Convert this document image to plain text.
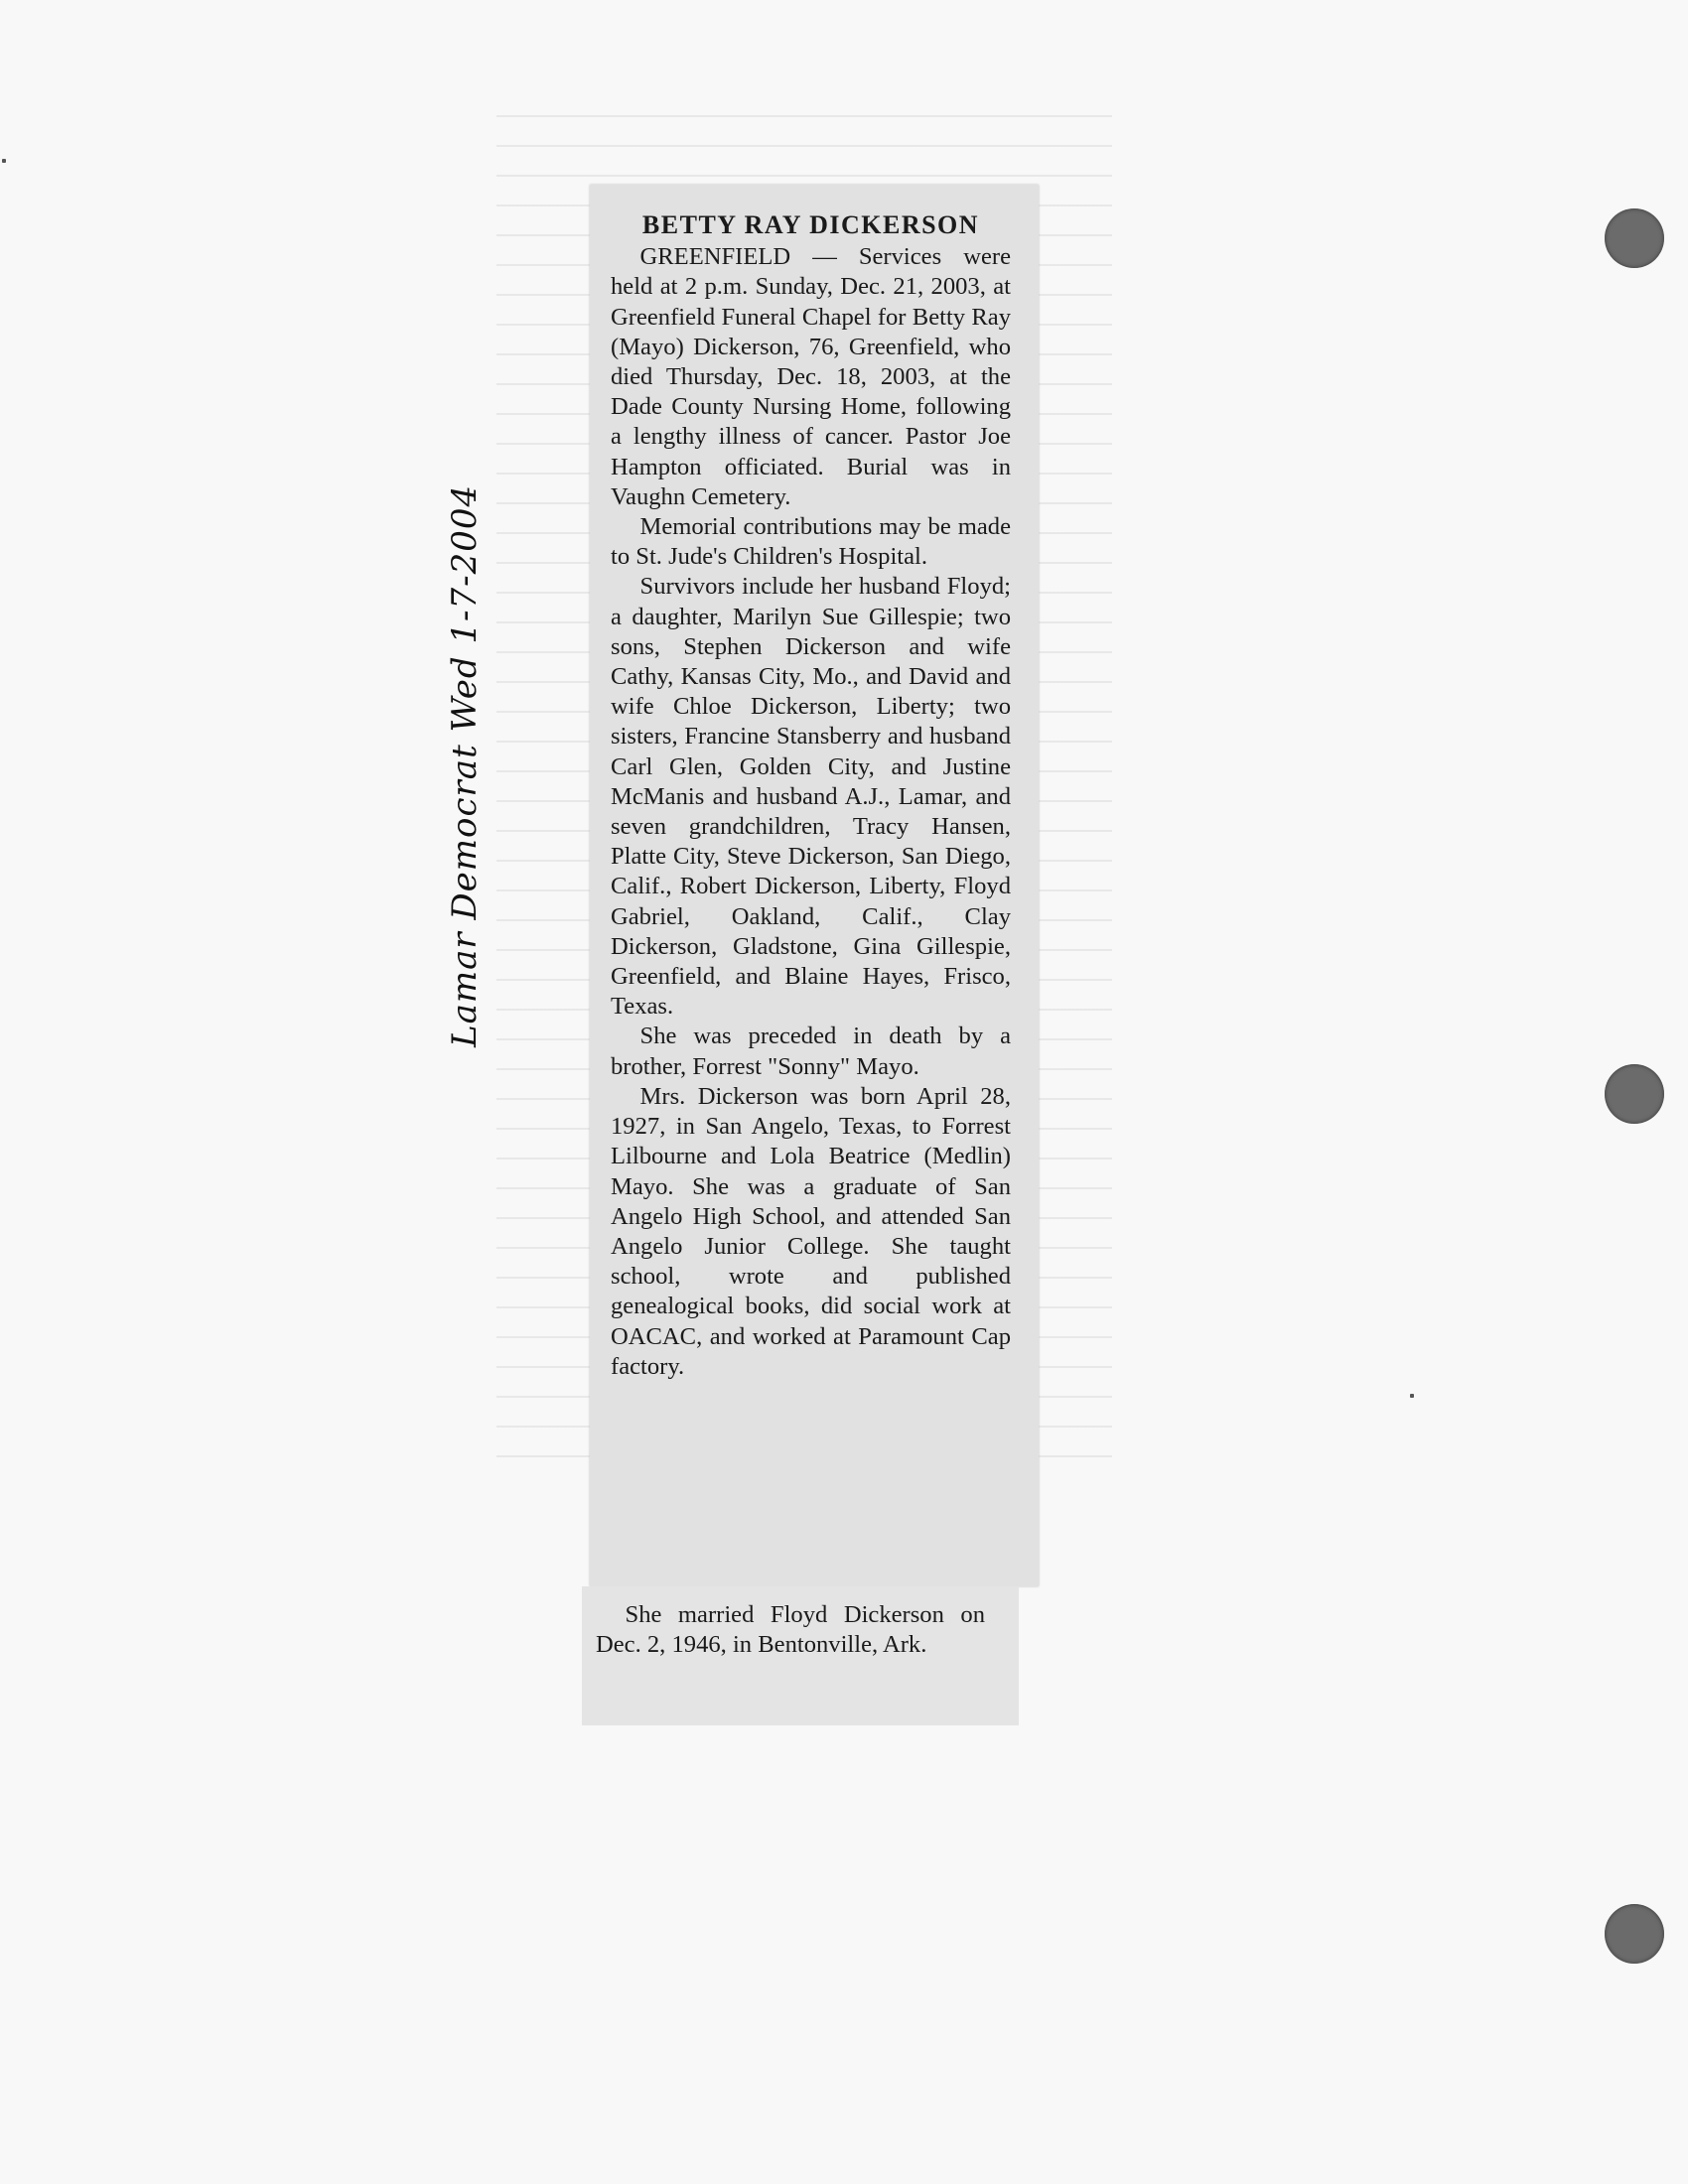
BETTY RAY DICKERSON

GREENFIELD — Services were held at 2 p.m. Sunday, Dec. 21, 2003, at Greenfield Funeral Chapel for Betty Ray (Mayo) Dickerson, 76, Greenfield, who died Thursday, Dec. 18, 2003, at the Dade County Nursing Home, following a lengthy illness of cancer. Pastor Joe Hampton officiated. Burial was in Vaughn Cemetery.

Memorial contributions may be made to St. Jude's Children's Hospital.

Survivors include her husband Floyd; a daughter, Marilyn Sue Gillespie; two sons, Stephen Dickerson and wife Cathy, Kansas City, Mo., and David and wife Chloe Dickerson, Liberty; two sisters, Francine Stansberry and husband Carl Glen, Golden City, and Justine McManis and husband A.J., Lamar, and seven grandchildren, Tracy Hansen, Platte City, Steve Dickerson, San Diego, Calif., Robert Dickerson, Liberty, Floyd Gabriel, Oakland, Calif., Clay Dickerson, Gladstone, Gina Gillespie, Greenfield, and Blaine Hayes, Frisco, Texas.

She was preceded in death by a brother, Forrest "Sonny" Mayo.

Mrs. Dickerson was born April 28, 1927, in San Angelo, Texas, to Forrest Lilbourne and Lola Beatrice (Medlin) Mayo. She was a graduate of San Angelo High School, and attended San Angelo Junior College. She taught school, wrote and published genealogical books, did social work at OACAC, and worked at Paramount Cap factory.

She married Floyd Dickerson on Dec. 2, 1946, in Bentonville, Ark.

Lamar Democrat Wed 1-7-2004
